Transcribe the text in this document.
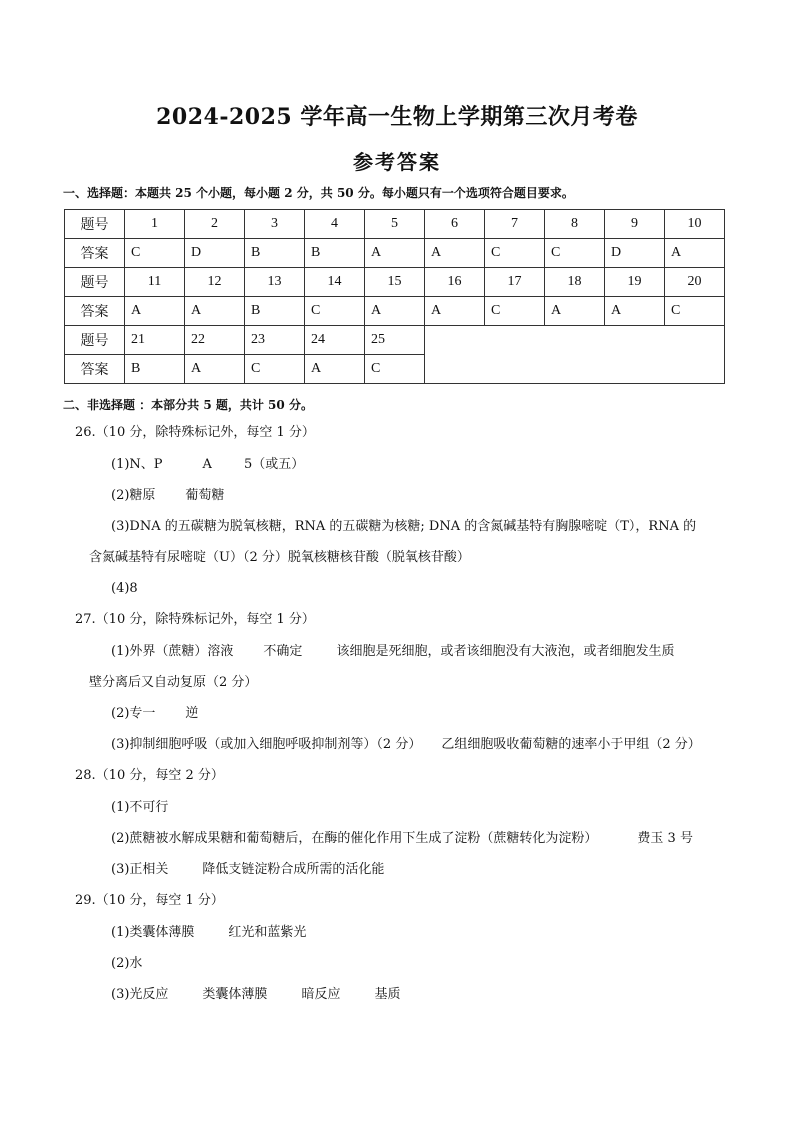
2024-2025 学年高一生物上学期第三次月考卷
参考答案
一、选择题：本题共 25 个小题，每小题 2 分，共 50 分。每小题只有一个选项符合题目要求。
题号	1	2	3	4	5	6	7	8	9	10
答案	C	D	B	B	A	A	C	C	D	A
题号	11	12	13	14	15	16	17	18	19	20
答案	A	A	B	C	A	A	C	A	A	C
题号	21	22	23	24	25					
答案	B	A	C	A	C					
二、非选择题 ：本部分共 5 题，共计 50 分。
26.（10 分，除特殊标记外，每空 1 分）
(1)N、P	A 5（或五）
(2)糖原 葡萄糖
(3)DNA 的五碳糖为脱氧核糖，RNA 的五碳糖为核糖; DNA 的含氮碱基特有胸腺嘧啶（T），RNA 的
含氮碱基特有尿嘧啶（U）（2 分）脱氧核糖核苷酸（脱氧核苷酸）
(4)8
27.（10 分，除特殊标记外，每空 1 分）
(1)外界（蔗糖）溶液 不确定	该细胞是死细胞，或者该细胞没有大液泡，或者细胞发生质
壁分离后又自动复原（2 分）
(2)专一 逆
(3)抑制细胞呼吸（或加入细胞呼吸抑制剂等）（2 分） 乙组细胞吸收葡萄糖的速率小于甲组（2 分）
28.（10 分，每空 2 分）
(1)不可行
(2)蔗糖被水解成果糖和葡萄糖后，在酶的催化作用下生成了淀粉（蔗糖转化为淀粉）	费玉 3 号
(3)正相关	降低支链淀粉合成所需的活化能
29.（10 分，每空 1 分）
(1)类囊体薄膜	红光和蓝紫光
(2)水
(3)光反应	类囊体薄膜	暗反应	基质
